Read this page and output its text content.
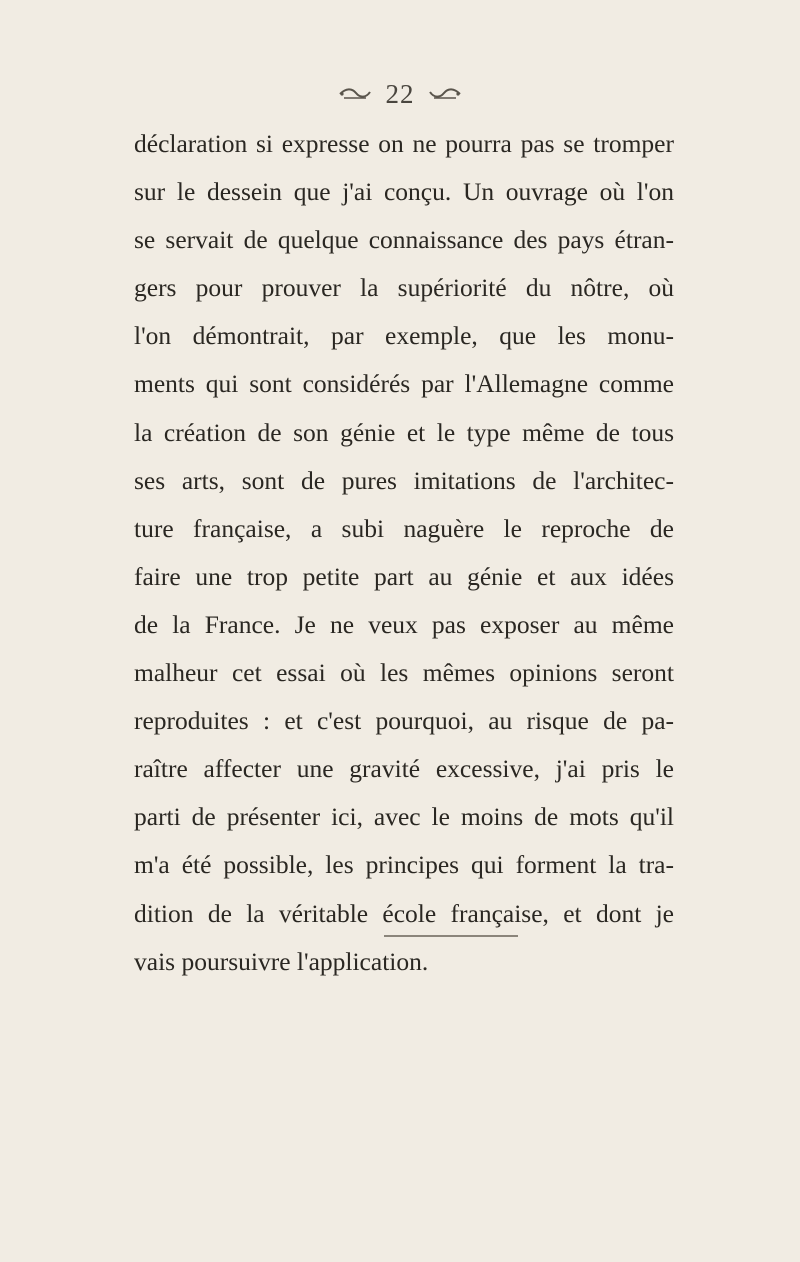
22
déclaration si expresse on ne pourra pas se tromper
sur le dessein que j'ai conçu. Un ouvrage où l'on
se servait de quelque connaissance des pays étran-
gers pour prouver la supériorité du nôtre, où
l'on démontrait, par exemple, que les monu-
ments qui sont considérés par l'Allemagne comme
la création de son génie et le type même de tous
ses arts, sont de pures imitations de l'architec-
ture française, a subi naguère le reproche de
faire une trop petite part au génie et aux idées
de la France. Je ne veux pas exposer au même
malheur cet essai où les mêmes opinions seront
reproduites : et c'est pourquoi, au risque de pa-
raître affecter une gravité excessive, j'ai pris le
parti de présenter ici, avec le moins de mots qu'il
m'a été possible, les principes qui forment la tra-
dition de la véritable école française, et dont je
vais poursuivre l'application.
